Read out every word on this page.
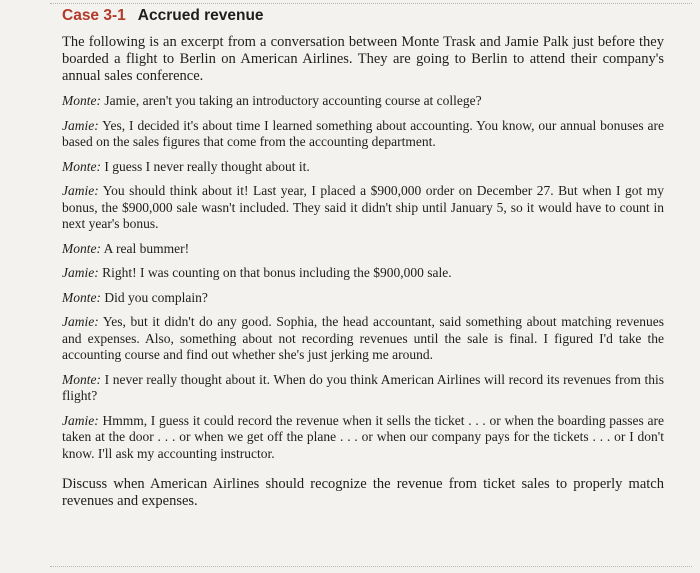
Case 3-1 Accrued revenue

The following is an excerpt from a conversation between Monte Trask and Jamie Palk just before they boarded a flight to Berlin on American Airlines. They are going to Berlin to attend their company's annual sales conference.

Monte: Jamie, aren't you taking an introductory accounting course at college?

Jamie: Yes, I decided it's about time I learned something about accounting. You know, our annual bonuses are based on the sales figures that come from the accounting department.

Monte: I guess I never really thought about it.

Jamie: You should think about it! Last year, I placed a $900,000 order on December 27. But when I got my bonus, the $900,000 sale wasn't included. They said it didn't ship until January 5, so it would have to count in next year's bonus.

Monte: A real bummer!

Jamie: Right! I was counting on that bonus including the $900,000 sale.

Monte: Did you complain?

Jamie: Yes, but it didn't do any good. Sophia, the head accountant, said something about matching revenues and expenses. Also, something about not recording revenues until the sale is final. I figured I'd take the accounting course and find out whether she's just jerking me around.

Monte: I never really thought about it. When do you think American Airlines will record its revenues from this flight?

Jamie: Hmmm, I guess it could record the revenue when it sells the ticket . . . or when the boarding passes are taken at the door . . . or when we get off the plane . . . or when our company pays for the tickets . . . or I don't know. I'll ask my accounting instructor.

Discuss when American Airlines should recognize the revenue from ticket sales to properly match revenues and expenses.
